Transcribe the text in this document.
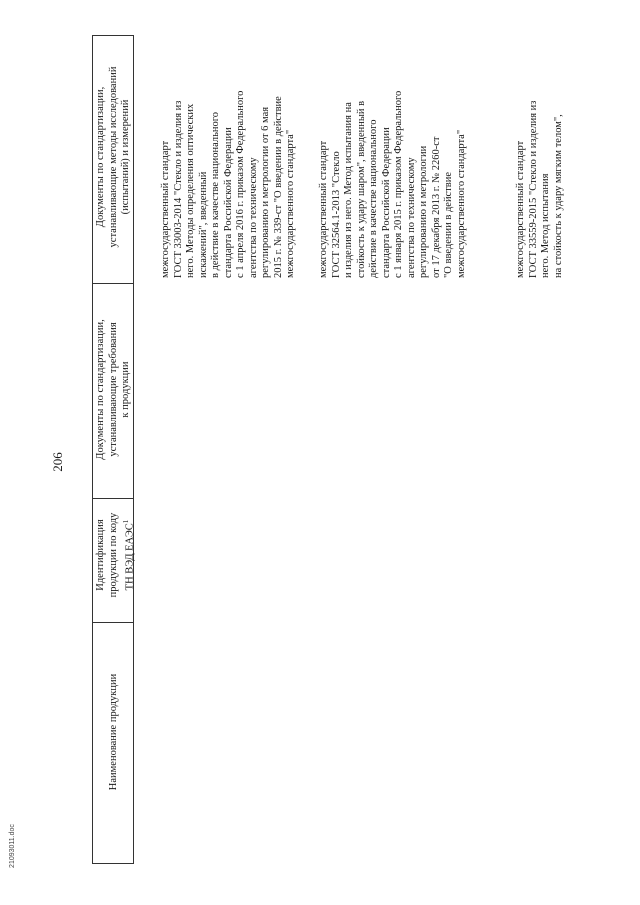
206
21093011.doc
Наименование продукции
Идентификация продукции по коду ТН ВЭД ЕАЭС$^1$
Документы по стандартизации, устанавливающие требования к продукции
Документы по стандартизации, устанавливающие методы исследований (испытаний) и измерений	межгосударственный стандарт ГОСТ 33003-2014 "Стекло и изделия из него. Методы определения оптических искажений", введенный в действие в качестве национального стандарта Российской Федерации с 1 апреля 2016 г. приказом Федерального агентства по техническому регулированию и метрологии от 6 мая 2015 г. № 339-ст "О введении в действие межгосударственного стандарта" межгосударственный стандарт ГОСТ 32564.1-2013 "Стекло и изделия из него. Метод испытания на стойкость к удару шаром", введенный в действие в качестве национального стандарта Российской Федерации с 1 января 2015 г. приказом Федерального агентства по техническому регулированию и метрологии от 17 декабря 2013 г. № 2260-ст "О введении в действие межгосударственного стандарта"	межгосударственный стандарт ГОСТ 33559-2015 "Стекло и изделия из него. Метод испытания на стойкость к удару мягким телом",
